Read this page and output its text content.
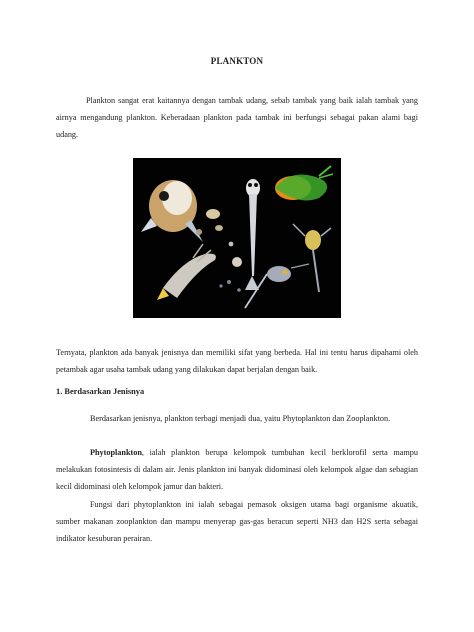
PLANKTON

Plankton sangat erat kaitannya dengan tambak udang, sebab tambak yang baik ialah tambak yang airnya mengandung plankton. Keberadaan plankton pada tambak ini berfungsi sebagai pakan alami bagi udang.

Ternyata, plankton ada banyak jenisnya dan memiliki sifat yang berbeda. Hal ini tentu harus dipahami oleh petambak agar usaha tambak udang yang dilakukan dapat berjalan dengan baik.

1. Berdasarkan Jenisnya

Berdasarkan jenisnya, plankton terbagi menjadi dua, yaitu Phytoplankton dan Zooplankton.

Phytoplankton, ialah plankton berupa kelompok tumbuhan kecil berklorofil serta mampu melakukan fotosintesis di dalam air. Jenis plankton ini banyak didominasi oleh kelompok algae dan sebagian kecil didominasi oleh kelompok jamur dan bakteri.

Fungsi dari phytoplankton ini ialah sebagai pemasok oksigen utama bagi organisme akuatik, sumber makanan zooplankton dan mampu menyerap gas-gas beracun seperti NH3 dan H2S serta sebagai indikator kesuburan perairan.
